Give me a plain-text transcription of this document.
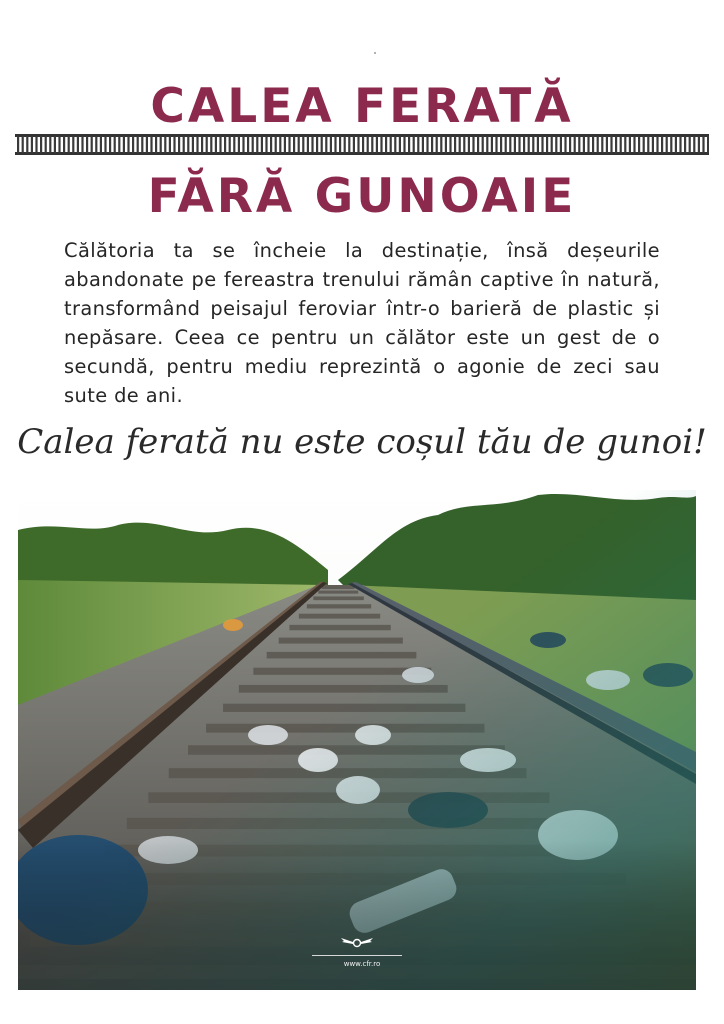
CALEA FERATĂ
FĂRĂ GUNOAIE
Călătoria ta se încheie la destinație, însă deșeurile abandonate pe fereastra trenului rămân captive în natură, transformând peisajul feroviar într-o barieră de plastic și nepăsare. Ceea ce pentru un călător este un gest de o secundă, pentru mediu reprezintă o agonie de zeci sau sute de ani.
Calea ferată nu este coșul tău de gunoi!
www.cfr.ro
